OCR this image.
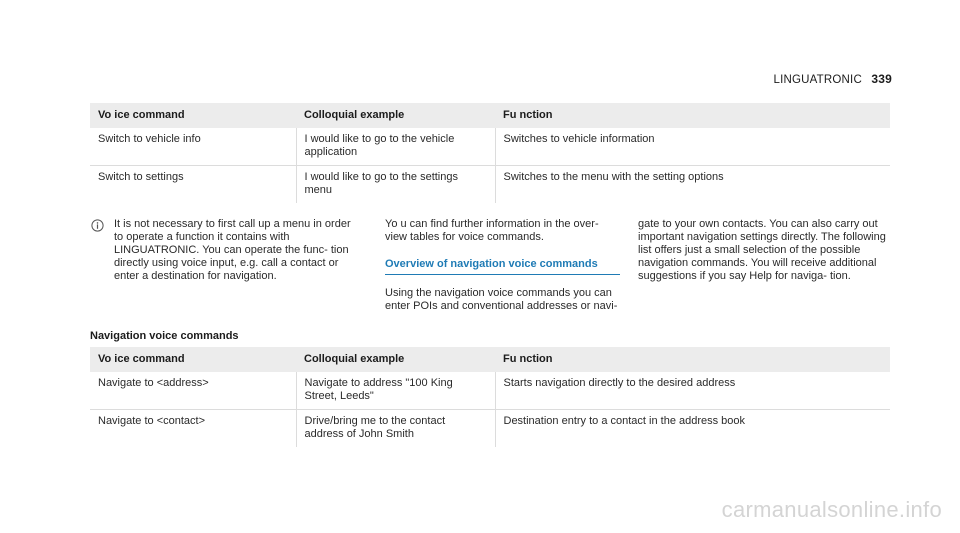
LINGUATRONIC 339
Vo ice command	Colloquial example	Fu nction
Switch to vehicle info	I would like to go to the vehicle application	Switches to vehicle information
Switch to settings	I would like to go to the settings menu	Switches to the menu with the setting options
It is not necessary to first call up a menu in order to operate a function it contains with LINGUATRONIC. You can operate the func- tion directly using voice input, e.g. call a contact or enter a destination for navigation.

Yo u can find further information in the over- view tables for voice commands.

Overview of navigation voice commands

Using the navigation voice commands you can enter POIs and conventional addresses or navi-

gate to your own contacts. You can also carry out important navigation settings directly. The following list offers just a small selection of the possible navigation commands. You will receive additional suggestions if you say Help for naviga- tion.

Navigation voice commands
Vo ice command	Colloquial example	Fu nction
Navigate to <address>	Navigate to address "100 King Street, Leeds"	Starts navigation directly to the desired address
Navigate to <contact>	Drive/bring me to the contact address of John Smith	Destination entry to a contact in the address book
carmanualsonline.info
